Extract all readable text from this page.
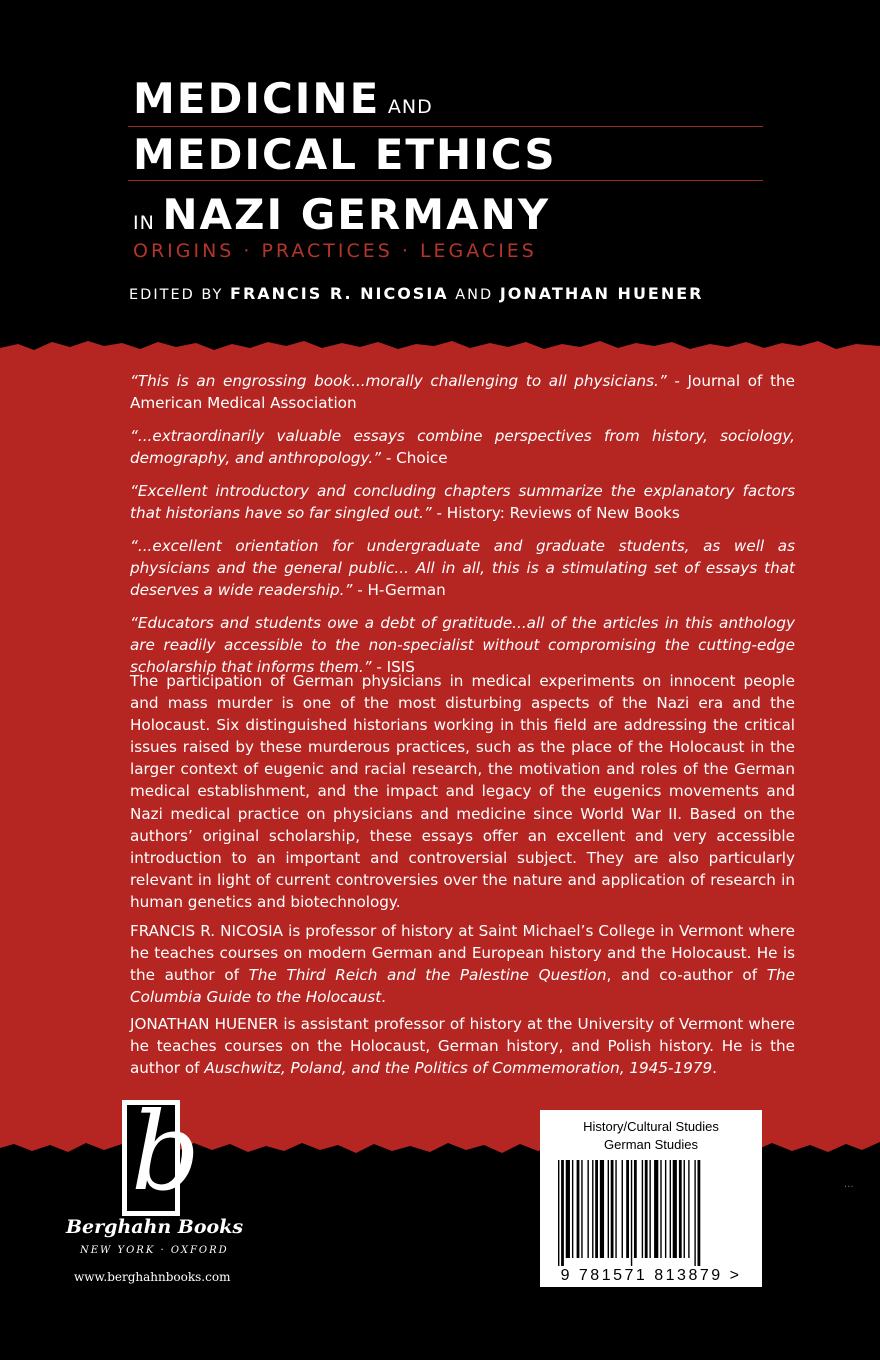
MEDICINE AND
MEDICAL ETHICS
IN NAZI GERMANY
ORIGINS · PRACTICES · LEGACIES
EDITED BY FRANCIS R. NICOSIA AND JONATHAN HUENER

“This is an engrossing book...morally challenging to all physicians.” - Journal of the American Medical Association

“...extraordinarily valuable essays combine perspectives from history, sociology, demography, and anthropology.” - Choice

“Excellent introductory and concluding chapters summarize the explanatory factors that historians have so far singled out.” - History: Reviews of New Books

“...excellent orientation for undergraduate and graduate students, as well as physicians and the general public... All in all, this is a stimulating set of essays that deserves a wide readership.” - H-German

“Educators and students owe a debt of gratitude...all of the articles in this anthology are readily accessible to the non-specialist without compromising the cutting-edge scholarship that informs them.” - ISIS

The participation of German physicians in medical experiments on innocent people and mass murder is one of the most disturbing aspects of the Nazi era and the Holocaust. Six distinguished historians working in this field are addressing the critical issues raised by these murderous practices, such as the place of the Holocaust in the larger context of eugenic and racial research, the motivation and roles of the German medical establishment, and the impact and legacy of the eugenics movements and Nazi medical practice on physicians and medicine since World War II. Based on the authors’ original scholarship, these essays offer an excellent and very accessible introduction to an important and controversial subject. They are also particularly relevant in light of current controversies over the nature and application of research in human genetics and biotechnology.

FRANCIS R. NICOSIA is professor of history at Saint Michael’s College in Vermont where he teaches courses on modern German and European history and the Holocaust. He is the author of The Third Reich and the Palestine Question, and co-author of The Columbia Guide to the Holocaust.

JONATHAN HUENER is assistant professor of history at the University of Vermont where he teaches courses on the Holocaust, German history, and Polish history. He is the author of Auschwitz, Poland, and the Politics of Commemoration, 1945-1979.

b
Berghahn Books
NEW YORK · OXFORD
www.berghahnbooks.com
History/Cultural Studies
German Studies
9 781571 813879 >
···
